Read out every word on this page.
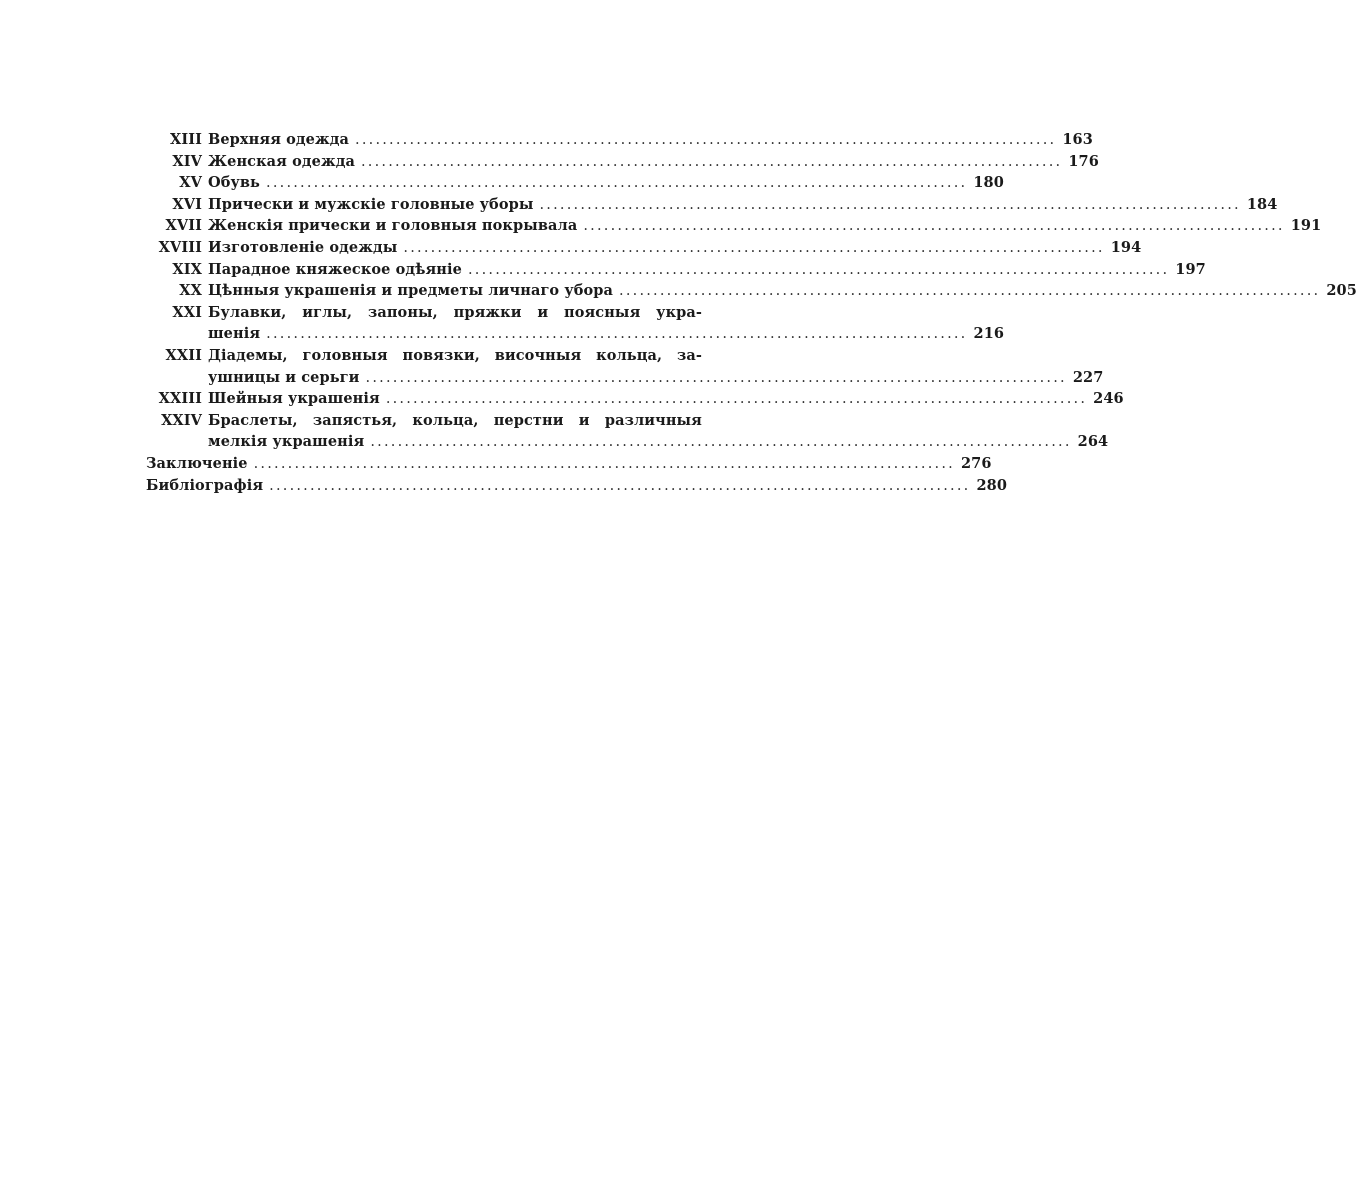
XIII Верхняя одежда ....................................................................................................... 163
XIV Женская одежда ....................................................................................................... 176
XV Обувь ....................................................................................................... 180
XVI Прически и мужскіе головные уборы ....................................................................................................... 184
XVII Женскія прически и головныя покрывала ....................................................................................................... 191
XVIII Изготовленіе одежды ....................................................................................................... 194
XIX Парадное княжеское одѣяніе ....................................................................................................... 197
XX Цѣнныя украшенія и предметы личнаго убора ....................................................................................................... 205
XXI Булавки, иглы, запоны, пряжки и поясныя укра-
шенія ....................................................................................................... 216
XXII Діадемы, головныя повязки, височныя кольца, за-
ушницы и серьги ....................................................................................................... 227
XXIII Шейныя украшенія ....................................................................................................... 246
XXIV Браслеты, запястья, кольца, перстни и различныя
мелкія украшенія ....................................................................................................... 264
Заключеніе ....................................................................................................... 276
Библіографія ....................................................................................................... 280
